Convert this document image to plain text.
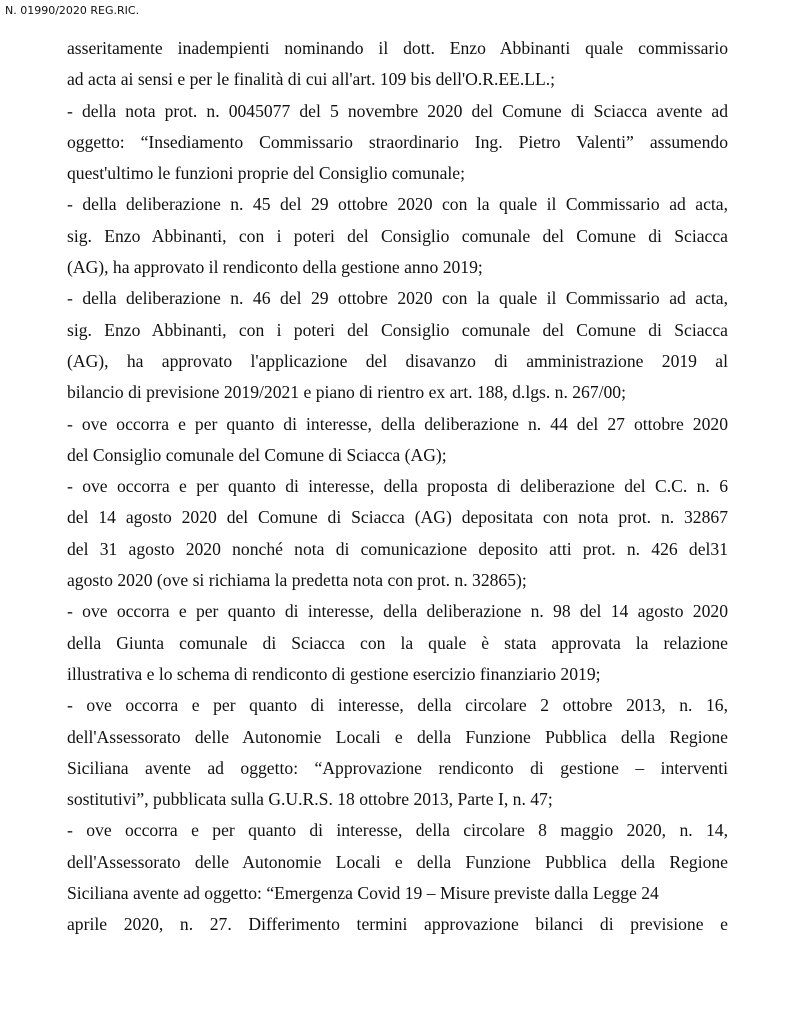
N. 01990/2020 REG.RIC.
asseritamente inadempienti nominando il dott. Enzo Abbinanti quale commissario
ad acta ai sensi e per le finalità di cui all'art. 109 bis dell'O.R.EE.LL.;
- della nota prot. n. 0045077 del 5 novembre 2020 del Comune di Sciacca avente ad
oggetto: “Insediamento Commissario straordinario Ing. Pietro Valenti” assumendo
quest'ultimo le funzioni proprie del Consiglio comunale;
- della deliberazione n. 45 del 29 ottobre 2020 con la quale il Commissario ad acta,
sig. Enzo Abbinanti, con i poteri del Consiglio comunale del Comune di Sciacca
(AG), ha approvato il rendiconto della gestione anno 2019;
- della deliberazione n. 46 del 29 ottobre 2020 con la quale il Commissario ad acta,
sig. Enzo Abbinanti, con i poteri del Consiglio comunale del Comune di Sciacca
(AG), ha approvato l'applicazione del disavanzo di amministrazione 2019 al
bilancio di previsione 2019/2021 e piano di rientro ex art. 188, d.lgs. n. 267/00;
- ove occorra e per quanto di interesse, della deliberazione n. 44 del 27 ottobre 2020
del Consiglio comunale del Comune di Sciacca (AG);
- ove occorra e per quanto di interesse, della proposta di deliberazione del C.C. n. 6
del 14 agosto 2020 del Comune di Sciacca (AG) depositata con nota prot. n. 32867
del 31 agosto 2020 nonché nota di comunicazione deposito atti prot. n. 426 del31
agosto 2020 (ove si richiama la predetta nota con prot. n. 32865);
- ove occorra e per quanto di interesse, della deliberazione n. 98 del 14 agosto 2020
della Giunta comunale di Sciacca con la quale è stata approvata la relazione
illustrativa e lo schema di rendiconto di gestione esercizio finanziario 2019;
- ove occorra e per quanto di interesse, della circolare 2 ottobre 2013, n. 16,
dell'Assessorato delle Autonomie Locali e della Funzione Pubblica della Regione
Siciliana avente ad oggetto: “Approvazione rendiconto di gestione – interventi
sostitutivi”, pubblicata sulla G.U.R.S. 18 ottobre 2013, Parte I, n. 47;
- ove occorra e per quanto di interesse, della circolare 8 maggio 2020, n. 14,
dell'Assessorato delle Autonomie Locali e della Funzione Pubblica della Regione
Siciliana avente ad oggetto: “Emergenza Covid 19 – Misure previste dalla Legge 24
aprile 2020, n. 27. Differimento termini approvazione bilanci di previsione e
